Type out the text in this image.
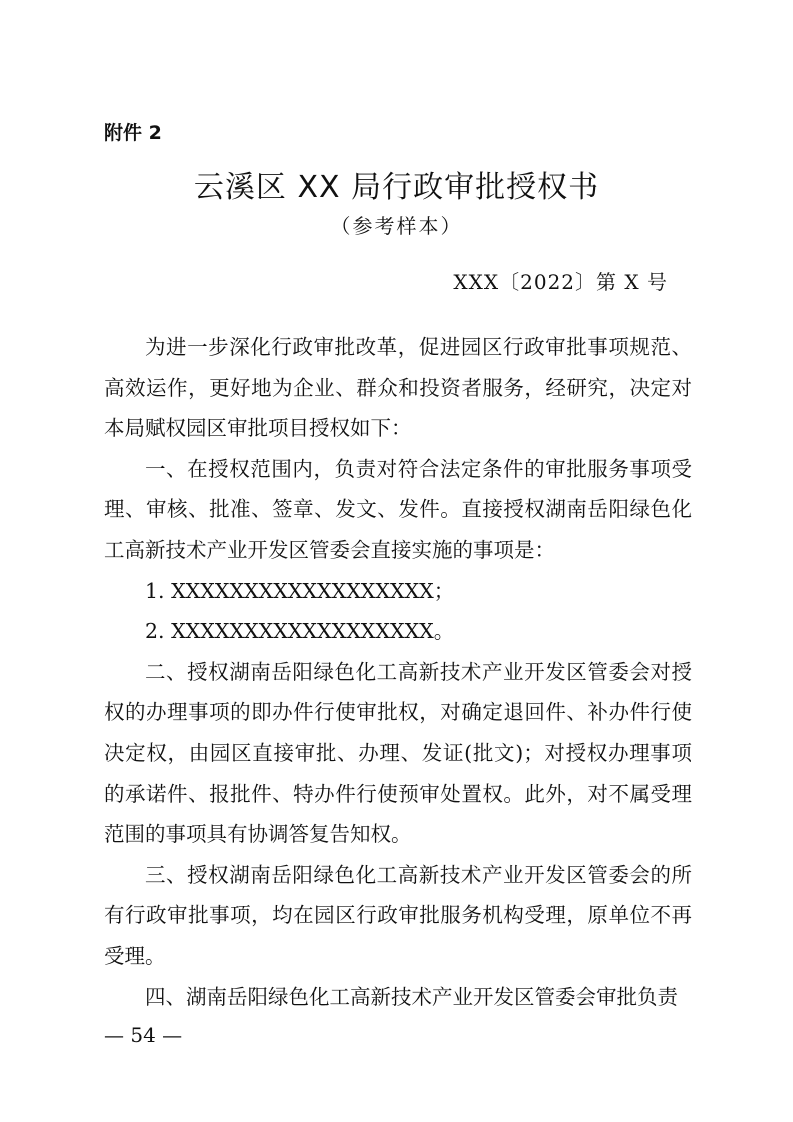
附件 2
云溪区 XX 局行政审批授权书
（参考样本）
XXX〔2022〕第 X 号

为进一步深化行政审批改革，促进园区行政审批事项规范、高效运作，更好地为企业、群众和投资者服务，经研究，决定对本局赋权园区审批项目授权如下：

一、在授权范围内，负责对符合法定条件的审批服务事项受理、审核、批准、签章、发文、发件。直接授权湖南岳阳绿色化工高新技术产业开发区管委会直接实施的事项是：

1. XXXXXXXXXXXXXXXXXX；

2. XXXXXXXXXXXXXXXXXX。

二、授权湖南岳阳绿色化工高新技术产业开发区管委会对授权的办理事项的即办件行使审批权，对确定退回件、补办件行使决定权，由园区直接审批、办理、发证(批文)；对授权办理事项的承诺件、报批件、特办件行使预审处置权。此外，对不属受理范围的事项具有协调答复告知权。

三、授权湖南岳阳绿色化工高新技术产业开发区管委会的所有行政审批事项，均在园区行政审批服务机构受理，原单位不再受理。

四、湖南岳阳绿色化工高新技术产业开发区管委会审批负责

— 54 —
